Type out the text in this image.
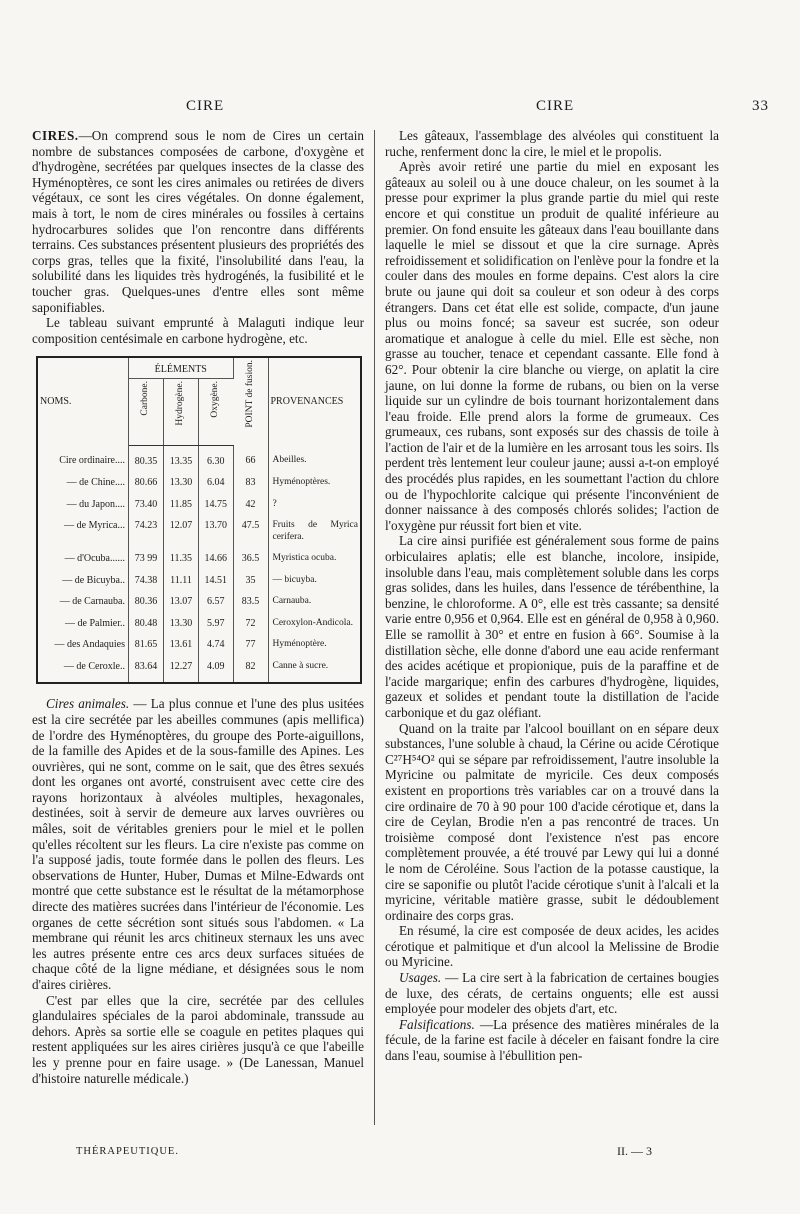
CIRE	CIRE	33

CIRES.—On comprend sous le nom de Cires un certain nombre de substances composées de carbone, d'oxygène et d'hydrogène, secrétées par quelques insectes de la classe des Hyménoptères, ce sont les cires animales ou retirées de divers végétaux, ce sont les cires végétales. On donne également, mais à tort, le nom de cires minérales ou fossiles à certains hydrocarbures solides que l'on rencontre dans différents terrains. Ces substances présentent plusieurs des propriétés des corps gras, telles que la fixité, l'insolubilité dans l'eau, la solubilité dans les liquides très hydrogénés, la fusibilité et le toucher gras. Quelques-unes d'entre elles sont même saponifiables.

Le tableau suivant emprunté à Malaguti indique leur composition centésimale en carbone hydrogène, etc.

NOMS.	ÉLÉMENTS			POINT de fusion.	PROVENANCES

	Carbone.	Hydrogène.	Oxygène.		

Cire ordinaire....	80.35	13.35	6.30	66	Abeilles.
— de Chine....	80.66	13.30	6.04	83	Hyménoptères.
— du Japon....	73.40	11.85	14.75	42	?
— de Myrica...	74.23	12.07	13.70	47.5	Fruits de Myrica cerifera.
— d'Ocuba......	73 99	11.35	14.66	36.5	Myristica ocuba.
— de Bicuyba..	74.38	11.11	14.51	35	— bicuyba.
— de Carnauba.	80.36	13.07	6.57	83.5	Carnauba.
— de Palmier..	80.48	13.30	5.97	72	Ceroxylon-Andicola.
— des Andaquies	81.65	13.61	4.74	77	Hyménoptère.
— de Ceroxle..	83.64	12.27	4.09	82	Canne à sucre.

Cires animales. — La plus connue et l'une des plus usitées est la cire secrétée par les abeilles communes (apis mellifica) de l'ordre des Hyménoptères, du groupe des Porte-aiguillons, de la famille des Apides et de la sous-famille des Apines. Les ouvrières, qui ne sont, comme on le sait, que des êtres sexués dont les organes ont avorté, construisent avec cette cire des rayons horizontaux à alvéoles multiples, hexagonales, destinées, soit à servir de demeure aux larves ouvrières ou mâles, soit de véritables greniers pour le miel et le pollen qu'elles récoltent sur les fleurs. La cire n'existe pas comme on l'a supposé jadis, toute formée dans le pollen des fleurs. Les observations de Hunter, Huber, Dumas et Milne-Edwards ont montré que cette substance est le résultat de la métamorphose directe des matières sucrées dans l'intérieur de l'économie. Les organes de cette sécrétion sont situés sous l'abdomen. « La membrane qui réunit les arcs chitineux sternaux les uns avec les autres présente entre ces arcs deux surfaces situées de chaque côté de la ligne médiane, et désignées sous le nom d'aires cirières.

C'est par elles que la cire, secrétée par des cellules glandulaires spéciales de la paroi abdominale, transsude au dehors. Après sa sortie elle se coagule en petites plaques qui restent appliquées sur les aires cirières jusqu'à ce que l'abeille les y prenne pour en faire usage. » (De Lanessan, Manuel d'histoire naturelle médicale.)

Les gâteaux, l'assemblage des alvéoles qui constituent la ruche, renferment donc la cire, le miel et le propolis.

Après avoir retiré une partie du miel en exposant les gâteaux au soleil ou à une douce chaleur, on les soumet à la presse pour exprimer la plus grande partie du miel qui reste encore et qui constitue un produit de qualité inférieure au premier. On fond ensuite les gâteaux dans l'eau bouillante dans laquelle le miel se dissout et que la cire surnage. Après refroidissement et solidification on l'enlève pour la fondre et la couler dans des moules en forme depains. C'est alors la cire brute ou jaune qui doit sa couleur et son odeur à des corps étrangers. Dans cet état elle est solide, compacte, d'un jaune plus ou moins foncé; sa saveur est sucrée, son odeur aromatique et analogue à celle du miel. Elle est sèche, non grasse au toucher, tenace et cependant cassante. Elle fond à 62°. Pour obtenir la cire blanche ou vierge, on aplatit la cire jaune, on lui donne la forme de rubans, ou bien on la verse liquide sur un cylindre de bois tournant horizontalement dans l'eau froide. Elle prend alors la forme de grumeaux. Ces grumeaux, ces rubans, sont exposés sur des chassis de toile à l'action de l'air et de la lumière en les arrosant tous les soirs. Ils perdent très lentement leur couleur jaune; aussi a-t-on employé des procédés plus rapides, en les soumettant l'action du chlore ou de l'hypochlorite calcique qui présente l'inconvénient de donner naissance à des composés chlorés solides; l'action de l'oxygène pur réussit fort bien et vite.

La cire ainsi purifiée est généralement sous forme de pains orbiculaires aplatis; elle est blanche, incolore, insipide, insoluble dans l'eau, mais complètement soluble dans les corps gras solides, dans les huiles, dans l'essence de térébenthine, la benzine, le chloroforme. A 0°, elle est très cassante; sa densité varie entre 0,956 et 0,964. Elle est en général de 0,958 à 0,960. Elle se ramollit à 30° et entre en fusion à 66°. Soumise à la distillation sèche, elle donne d'abord une eau acide renfermant des acides acétique et propionique, puis de la paraffine et de l'acide margarique; enfin des carbures d'hydrogène, liquides, gazeux et solides et pendant toute la distillation de l'acide carbonique et du gaz oléfiant.

Quand on la traite par l'alcool bouillant on en sépare deux substances, l'une soluble à chaud, la Cérine ou acide Cérotique C²⁷H⁵⁴O² qui se sépare par refroidissement, l'autre insoluble la Myricine ou palmitate de myricile. Ces deux composés existent en proportions très variables car on a trouvé dans la cire ordinaire de 70 à 90 pour 100 d'acide cérotique et, dans la cire de Ceylan, Brodie n'en a pas rencontré de traces. Un troisième composé dont l'existence n'est pas encore complètement prouvée, a été trouvé par Lewy qui lui a donné le nom de Céroléine. Sous l'action de la potasse caustique, la cire se saponifie ou plutôt l'acide cérotique s'unit à l'alcali et la myricine, véritable matière grasse, subit le dédoublement ordinaire des corps gras.

En résumé, la cire est composée de deux acides, les acides cérotique et palmitique et d'un alcool la Melissine de Brodie ou Myricine.

Usages. — La cire sert à la fabrication de certaines bougies de luxe, des cérats, de certains onguents; elle est aussi employée pour modeler des objets d'art, etc.

Falsifications. —La présence des matières minérales de la fécule, de la farine est facile à déceler en faisant fondre la cire dans l'eau, soumise à l'ébullition pen-

THÉRAPEUTIQUE.	II. — 3
